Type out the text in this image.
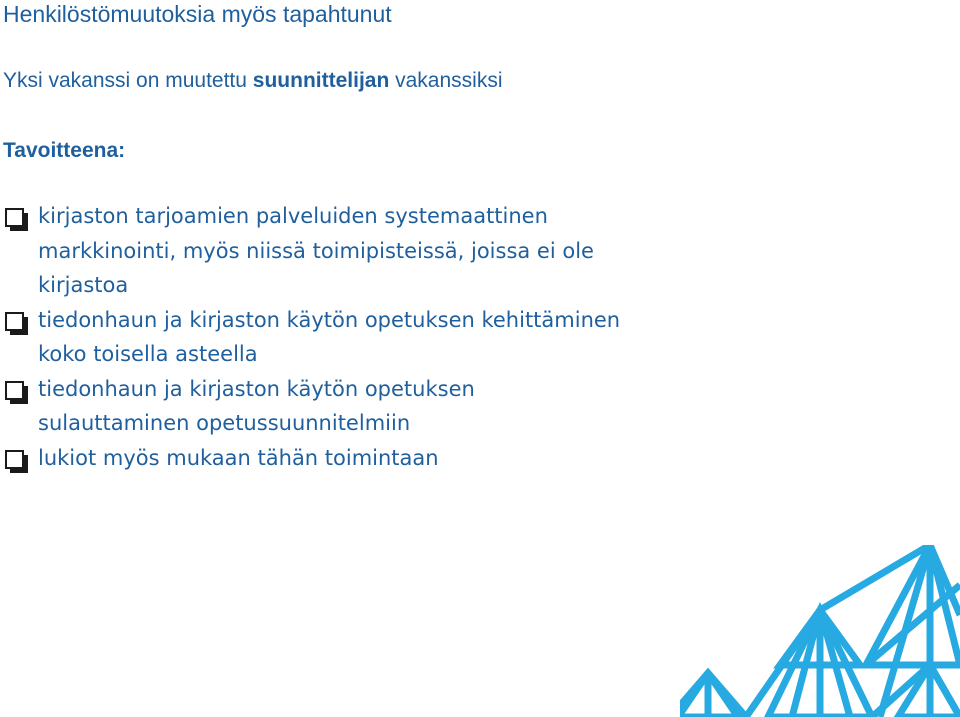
Henkilöstömuutoksia myös tapahtunut
Yksi vakanssi on muutettu suunnittelijan vakanssiksi
Tavoitteena:
kirjaston tarjoamien palveluiden systemaattinen markkinointi, myös niissä toimipisteissä, joissa ei ole kirjastoa
tiedonhaun ja kirjaston käytön opetuksen kehittäminen koko toisella asteella
tiedonhaun ja kirjaston käytön opetuksen sulauttaminen opetussuunnitelmiin
lukiot myös mukaan tähän toimintaan
